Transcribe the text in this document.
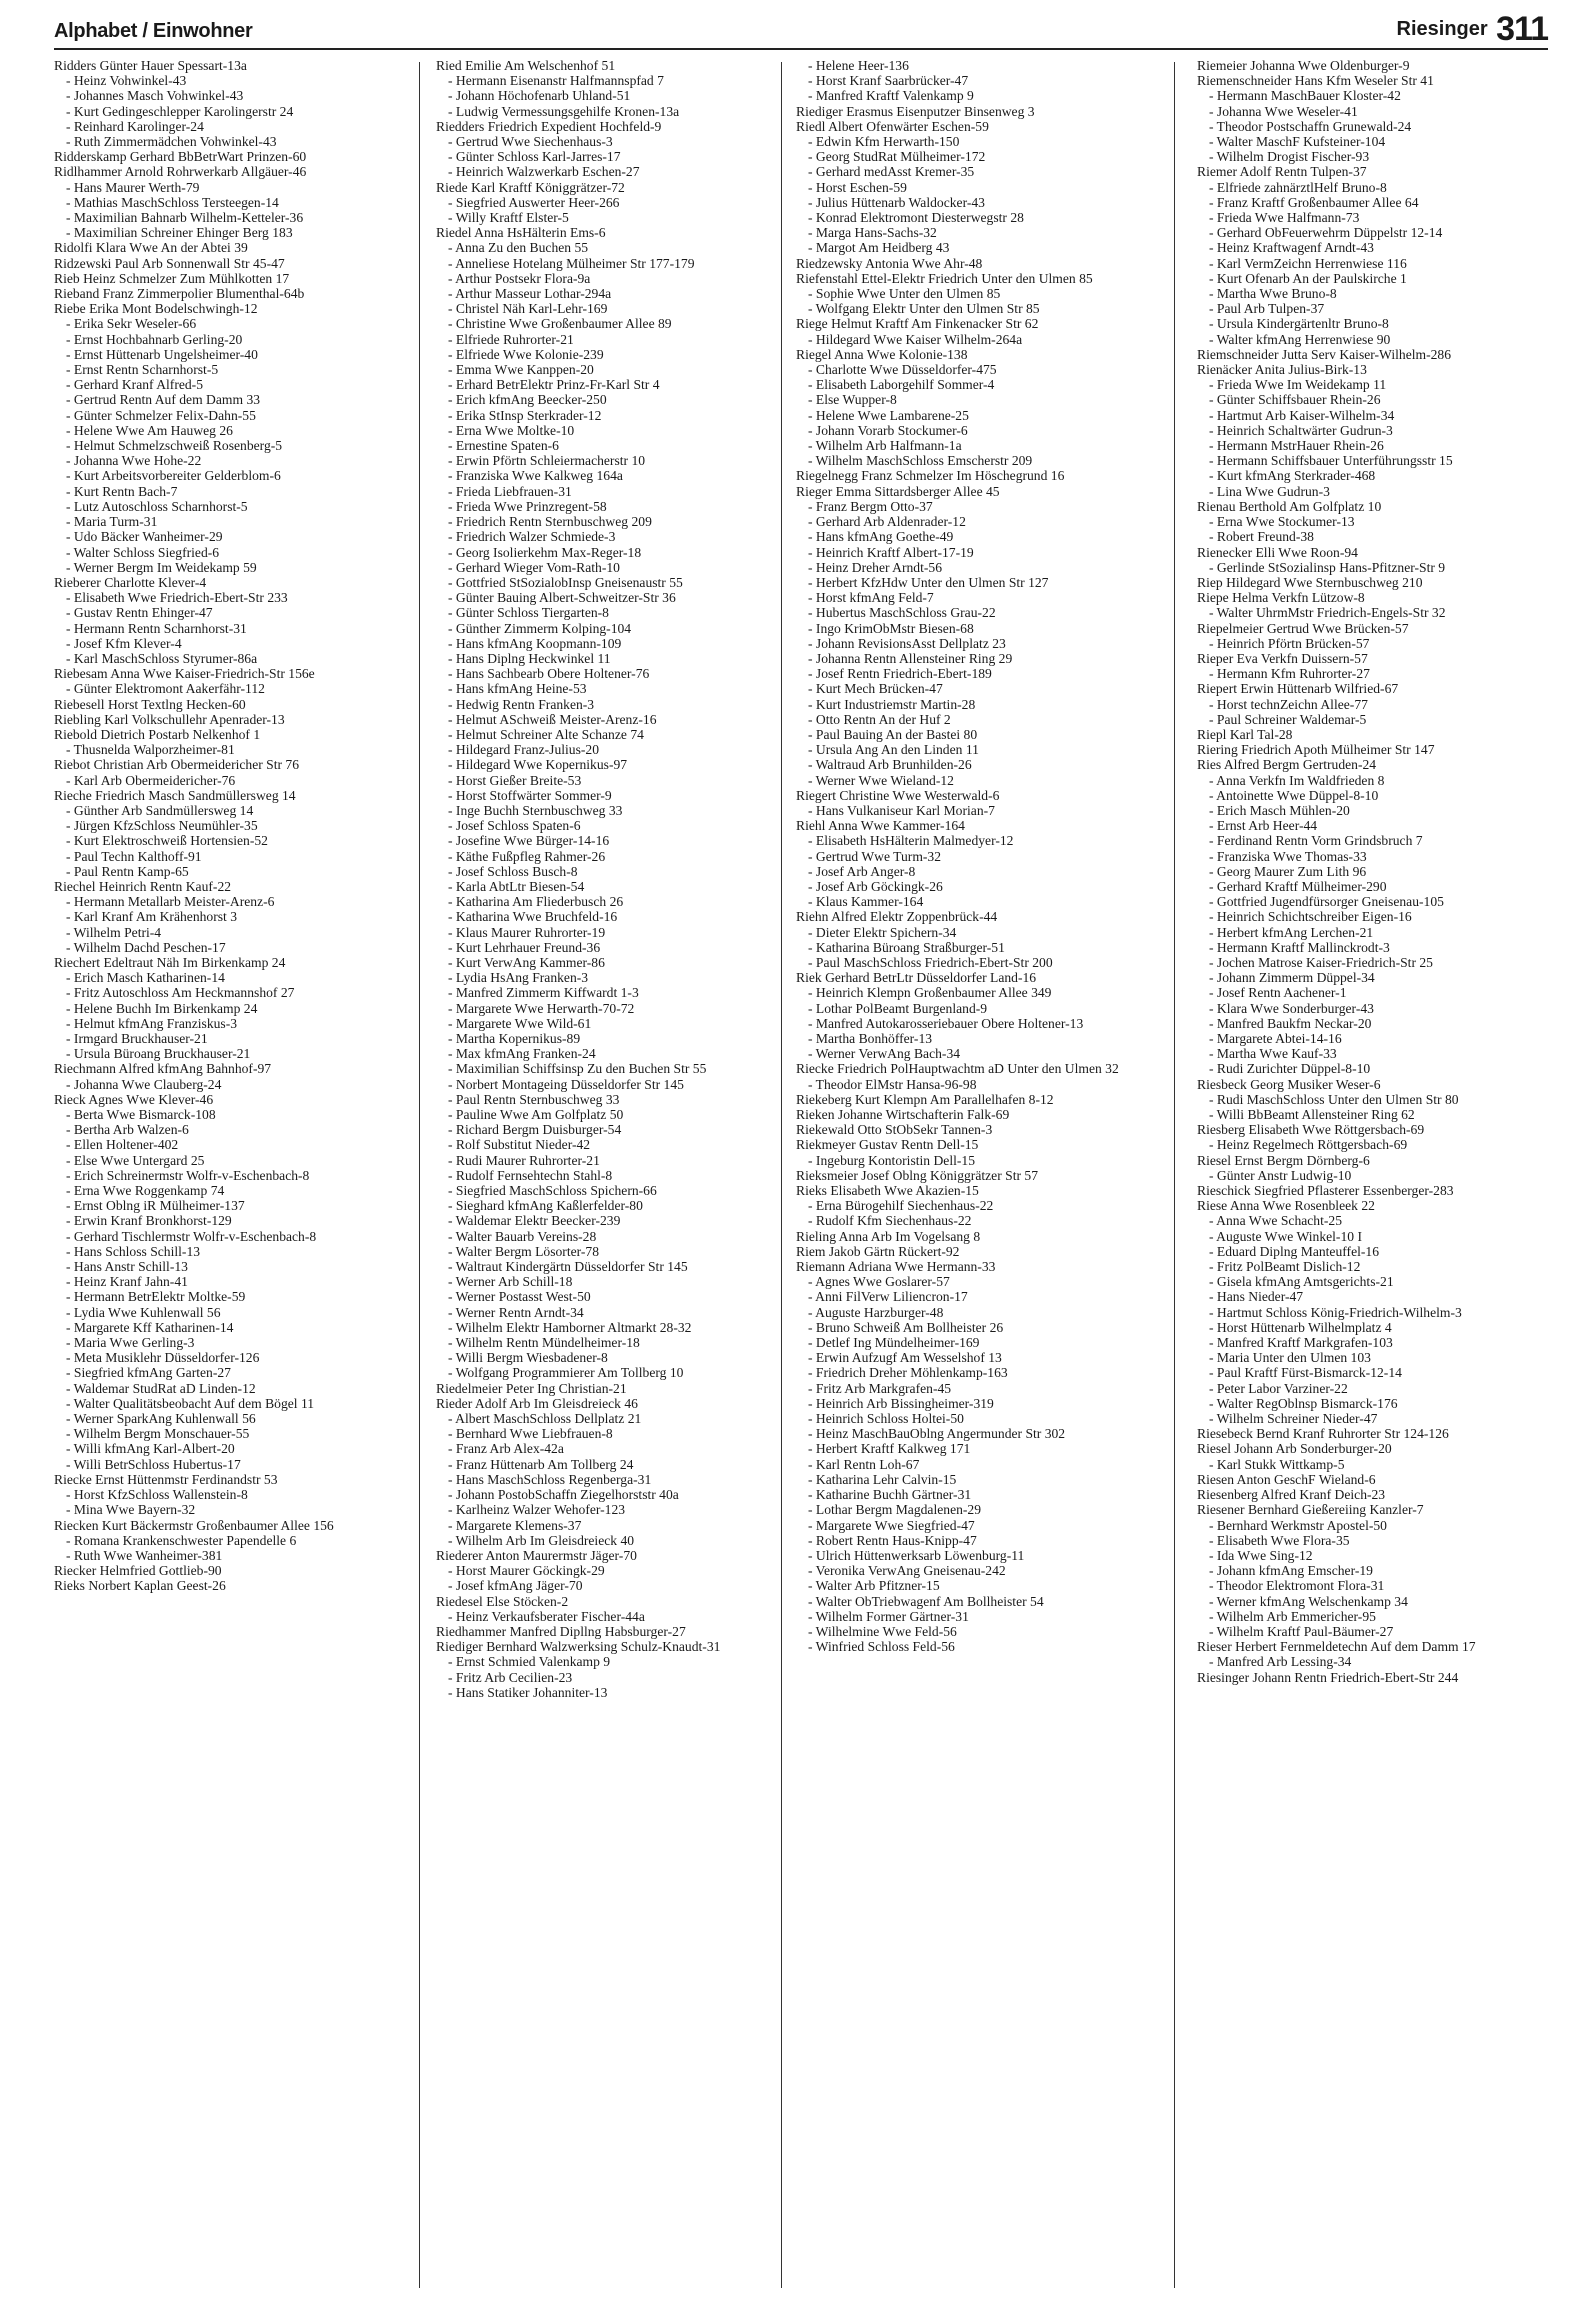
Alphabet / Einwohner	Riesinger 311
Ridders Günter Hauer Spessart-13a
- Heinz Vohwinkel-43
- Johannes Masch Vohwinkel-43
- Kurt Gedingeschlepper Karolingerstr 24
- Reinhard Karolinger-24
- Ruth Zimmermädchen Vohwinkel-43
Ridderskamp Gerhard BbBetrWart Prinzen-60
Ridlhammer Arnold Rohrwerkarb Allgäuer-46
- Hans Maurer Werth-79
- Mathias MaschSchloss Tersteegen-14
- Maximilian Bahnarb Wilhelm-Ketteler-36
- Maximilian Schreiner Ehinger Berg 183
Ridolfi Klara Wwe An der Abtei 39
Ridzewski Paul Arb Sonnenwall Str 45-47
Rieb Heinz Schmelzer Zum Mühlkotten 17
Rieband Franz Zimmerpolier Blumenthal-64b
Riebe Erika Mont Bodelschwingh-12
- Erika Sekr Weseler-66
- Ernst Hochbahnarb Gerling-20
- Ernst Hüttenarb Ungelsheimer-40
- Ernst Rentn Scharnhorst-5
- Gerhard Kranf Alfred-5
- Gertrud Rentn Auf dem Damm 33
- Günter Schmelzer Felix-Dahn-55
- Helene Wwe Am Hauweg 26
- Helmut Schmelzschweiß Rosenberg-5
- Johanna Wwe Hohe-22
- Kurt Arbeitsvorbereiter Gelderblom-6
- Kurt Rentn Bach-7
- Lutz Autoschloss Scharnhorst-5
- Maria Turm-31
- Udo Bäcker Wanheimer-29
- Walter Schloss Siegfried-6
- Werner Bergm Im Weidekamp 59
Rieberer Charlotte Klever-4
- Elisabeth Wwe Friedrich-Ebert-Str 233
- Gustav Rentn Ehinger-47
- Hermann Rentn Scharnhorst-31
- Josef Kfm Klever-4
- Karl MaschSchloss Styrumer-86a
Riebesam Anna Wwe Kaiser-Friedrich-Str 156e
- Günter Elektromont Aakerfähr-112
Riebesell Horst Textlng Hecken-60
Riebling Karl Volkschullehr Apenrader-13
Riebold Dietrich Postarb Nelkenhof 1
- Thusnelda Walporzheimer-81
Riebot Christian Arb Obermeidericher Str 76
- Karl Arb Obermeidericher-76
Rieche Friedrich Masch Sandmüllersweg 14
- Günther Arb Sandmüllersweg 14
- Jürgen KfzSchloss Neumühler-35
- Kurt Elektroschweiß Hortensien-52
- Paul Techn Kalthoff-91
- Paul Rentn Kamp-65
Riechel Heinrich Rentn Kauf-22
- Hermann Metallarb Meister-Arenz-6
- Karl Kranf Am Krähenhorst 3
- Wilhelm Petri-4
- Wilhelm Dachd Peschen-17
Riechert Edeltraut Näh Im Birkenkamp 24
- Erich Masch Katharinen-14
- Fritz Autoschloss Am Heckmannshof 27
- Helene Buchh Im Birkenkamp 24
- Helmut kfmAng Franziskus-3
- Irmgard Bruckhauser-21
- Ursula Büroang Bruckhauser-21
Riechmann Alfred kfmAng Bahnhof-97
- Johanna Wwe Clauberg-24
Rieck Agnes Wwe Klever-46
- Berta Wwe Bismarck-108
- Bertha Arb Walzen-6
- Ellen Holtener-402
- Else Wwe Untergard 25
- Erich Schreinermstr Wolfr-v-Eschenbach-8
- Erna Wwe Roggenkamp 74
- Ernst Oblng iR Mülheimer-137
- Erwin Kranf Bronkhorst-129
- Gerhard Tischlermstr Wolfr-v-Eschenbach-8
- Hans Schloss Schill-13
- Hans Anstr Schill-13
- Heinz Kranf Jahn-41
- Hermann BetrElektr Moltke-59
- Lydia Wwe Kuhlenwall 56
- Margarete Kff Katharinen-14
- Maria Wwe Gerling-3
- Meta Musiklehr Düsseldorfer-126
- Siegfried kfmAng Garten-27
- Waldemar StudRat aD Linden-12
- Walter Qualitätsbeobacht Auf dem Bögel 11
- Werner SparkAng Kuhlenwall 56
- Wilhelm Bergm Monschauer-55
- Willi kfmAng Karl-Albert-20
- Willi BetrSchloss Hubertus-17
Riecke Ernst Hüttenmstr Ferdinandstr 53
- Horst KfzSchloss Wallenstein-8
- Mina Wwe Bayern-32
Riecken Kurt Bäckermstr Großenbaumer Allee 156
- Romana Krankenschwester Papendelle 6
- Ruth Wwe Wanheimer-381
Riecker Helmfried Gottlieb-90
Rieks Norbert Kaplan Geest-26
Ried Emilie Am Welschenhof 51
- Hermann Eisenanstr Halfmannspfad 7
- Johann Höchofenarb Uhland-51
- Ludwig Vermessungsgehilfe Kronen-13a
Riedders Friedrich Expedient Hochfeld-9
- Gertrud Wwe Siechenhaus-3
- Günter Schloss Karl-Jarres-17
- Heinrich Walzwerkarb Eschen-27
Riede Karl Kraftf Königgrätzer-72
- Siegfried Auswerter Heer-266
- Willy Kraftf Elster-5
Riedel Anna HsHälterin Ems-6
- Anna Zu den Buchen 55
- Anneliese Hotelang Mülheimer Str 177-179
- Arthur Postsekr Flora-9a
- Arthur Masseur Lothar-294a
- Christel Näh Karl-Lehr-169
- Christine Wwe Großenbaumer Allee 89
- Elfriede Ruhrorter-21
- Elfriede Wwe Kolonie-239
- Emma Wwe Kanppen-20
- Erhard BetrElektr Prinz-Fr-Karl Str 4
- Erich kfmAng Beecker-250
- Erika StInsp Sterkrader-12
- Erna Wwe Moltke-10
- Ernestine Spaten-6
- Erwin Pförtn Schleiermacherstr 10
- Franziska Wwe Kalkweg 164a
- Frieda Liebfrauen-31
- Frieda Wwe Prinzregent-58
- Friedrich Rentn Sternbuschweg 209
- Friedrich Walzer Schmiede-3
- Georg Isolierkehm Max-Reger-18
- Gerhard Wieger Vom-Rath-10
- Gottfried StSozialobInsp Gneisenaustr 55
- Günter Bauing Albert-Schweitzer-Str 36
- Günter Schloss Tiergarten-8
- Günther Zimmerm Kolping-104
- Hans kfmAng Koopmann-109
- Hans Diplng Heckwinkel 11
- Hans Sachbearb Obere Holtener-76
- Hans kfmAng Heine-53
- Hedwig Rentn Franken-3
- Helmut ASchweiß Meister-Arenz-16
- Helmut Schreiner Alte Schanze 74
- Hildegard Franz-Julius-20
- Hildegard Wwe Kopernikus-97
- Horst Gießer Breite-53
- Horst Stoffwärter Sommer-9
- Inge Buchh Sternbuschweg 33
- Josef Schloss Spaten-6
- Josefine Wwe Bürger-14-16
- Käthe Fußpfleg Rahmer-26
- Josef Schloss Busch-8
- Karla AbtLtr Biesen-54
- Katharina Am Fliederbusch 26
- Katharina Wwe Bruchfeld-16
- Klaus Maurer Ruhrorter-19
- Kurt Lehrhauer Freund-36
- Kurt VerwAng Kammer-86
- Lydia HsAng Franken-3
- Manfred Zimmerm Kiffwardt 1-3
- Margarete Wwe Herwarth-70-72
- Margarete Wwe Wild-61
- Martha Kopernikus-89
- Max kfmAng Franken-24
- Maximilian Schiffsinsp Zu den Buchen Str 55
- Norbert Montageing Düsseldorfer Str 145
- Paul Rentn Sternbuschweg 33
- Pauline Wwe Am Golfplatz 50
- Richard Bergm Duisburger-54
- Rolf Substitut Nieder-42
- Rudi Maurer Ruhrorter-21
- Rudolf Fernsehtechn Stahl-8
- Siegfried MaschSchloss Spichern-66
- Sieghard kfmAng Kaßlerfelder-80
- Waldemar Elektr Beecker-239
- Walter Bauarb Vereins-28
- Walter Bergm Lösorter-78
- Waltraut Kindergärtn Düsseldorfer Str 145
- Werner Arb Schill-18
- Werner Postasst West-50
- Werner Rentn Arndt-34
- Wilhelm Elektr Hamborner Altmarkt 28-32
- Wilhelm Rentn Mündelheimer-18
- Willi Bergm Wiesbadener-8
- Wolfgang Programmierer Am Tollberg 10
Riedelmeier Peter Ing Christian-21
Rieder Adolf Arb Im Gleisdreieck 46
- Albert MaschSchloss Dellplatz 21
- Bernhard Wwe Liebfrauen-8
- Franz Arb Alex-42a
- Franz Hüttenarb Am Tollberg 24
- Hans MaschSchloss Regenberga-31
- Johann PostobSchaffn Ziegelhorststr 40a
- Karlheinz Walzer Wehofer-123
- Margarete Klemens-37
- Wilhelm Arb Im Gleisdreieck 40
Riederer Anton Maurermstr Jäger-70
- Horst Maurer Göckingk-29
- Josef kfmAng Jäger-70
Riedesel Else Stöcken-2
- Heinz Verkaufsberater Fischer-44a
Riedhammer Manfred Dipllng Habsburger-27
Riediger Bernhard Walzwerksing Schulz-Knaudt-31
- Ernst Schmied Valenkamp 9
- Fritz Arb Cecilien-23
- Hans Statiker Johanniter-13
- Helene Heer-136
- Horst Kranf Saarbrücker-47
- Manfred Kraftf Valenkamp 9
Riediger Erasmus Eisenputzer Binsenweg 3
Riedl Albert Ofenwärter Eschen-59
- Edwin Kfm Herwarth-150
- Georg StudRat Mülheimer-172
- Gerhard medAsst Kremer-35
- Horst Eschen-59
- Julius Hüttenarb Waldocker-43
- Konrad Elektromont Diesterwegstr 28
- Marga Hans-Sachs-32
- Margot Am Heidberg 43
Riedzewsky Antonia Wwe Ahr-48
Riefenstahl Ettel-Elektr Friedrich Unter den Ulmen 85
- Sophie Wwe Unter den Ulmen 85
- Wolfgang Elektr Unter den Ulmen Str 85
Riege Helmut Kraftf Am Finkenacker Str 62
- Hildegard Wwe Kaiser Wilhelm-264a
Riegel Anna Wwe Kolonie-138
- Charlotte Wwe Düsseldorfer-475
- Elisabeth Laborgehilf Sommer-4
- Else Wupper-8
- Helene Wwe Lambarene-25
- Johann Vorarb Stockumer-6
- Wilhelm Arb Halfmann-1a
- Wilhelm MaschSchloss Emscherstr 209
Riegelnegg Franz Schmelzer Im Höschegrund 16
Rieger Emma Sittardsberger Allee 45
- Franz Bergm Otto-37
- Gerhard Arb Aldenrader-12
- Hans kfmAng Goethe-49
- Heinrich Kraftf Albert-17-19
- Heinz Dreher Arndt-56
- Herbert KfzHdw Unter den Ulmen Str 127
- Horst kfmAng Feld-7
- Hubertus MaschSchloss Grau-22
- Ingo KrimObMstr Biesen-68
- Johann RevisionsAsst Dellplatz 23
- Johanna Rentn Allensteiner Ring 29
- Josef Rentn Friedrich-Ebert-189
- Kurt Mech Brücken-47
- Kurt Industriemstr Martin-28
- Otto Rentn An der Huf 2
- Paul Bauing An der Bastei 80
- Ursula Ang An den Linden 11
- Waltraud Arb Brunhilden-26
- Werner Wwe Wieland-12
Riegert Christine Wwe Westerwald-6
- Hans Vulkaniseur Karl Morian-7
Riehl Anna Wwe Kammer-164
- Elisabeth HsHälterin Malmedyer-12
- Gertrud Wwe Turm-32
- Josef Arb Anger-8
- Josef Arb Göckingk-26
- Klaus Kammer-164
Riehn Alfred Elektr Zoppenbrück-44
- Dieter Elektr Spichern-34
- Katharina Büroang Straßburger-51
- Paul MaschSchloss Friedrich-Ebert-Str 200
Riek Gerhard BetrLtr Düsseldorfer Land-16
- Heinrich Klempn Großenbaumer Allee 349
- Lothar PolBeamt Burgenland-9
- Manfred Autokarosseriebauer Obere Holtener-13
- Martha Bonhöffer-13
- Werner VerwAng Bach-34
Riecke Friedrich PolHauptwachtm aD Unter den Ulmen 32
- Theodor ElMstr Hansa-96-98
Riekeberg Kurt Klempn Am Parallelhafen 8-12
Rieken Johanne Wirtschafterin Falk-69
Riekewald Otto StObSekr Tannen-3
Riekmeyer Gustav Rentn Dell-15
- Ingeburg Kontoristin Dell-15
Rieksmeier Josef Oblng Königgrätzer Str 57
Rieks Elisabeth Wwe Akazien-15
- Erna Bürogehilf Siechenhaus-22
- Rudolf Kfm Siechenhaus-22
Rieling Anna Arb Im Vogelsang 8
Riem Jakob Gärtn Rückert-92
Riemann Adriana Wwe Hermann-33
- Agnes Wwe Goslarer-57
- Anni FilVerw Liliencron-17
- Auguste Harzburger-48
- Bruno Schweiß Am Bollheister 26
- Detlef Ing Mündelheimer-169
- Erwin Aufzugf Am Wesselshof 13
- Friedrich Dreher Möhlenkamp-163
- Fritz Arb Markgrafen-45
- Heinrich Arb Bissingheimer-319
- Heinrich Schloss Holtei-50
- Heinz MaschBauOblng Angermunder Str 302
- Herbert Kraftf Kalkweg 171
- Karl Rentn Loh-67
- Katharina Lehr Calvin-15
- Katharine Buchh Gärtner-31
- Lothar Bergm Magdalenen-29
- Margarete Wwe Siegfried-47
- Robert Rentn Haus-Knipp-47
- Ulrich Hüttenwerksarb Löwenburg-11
- Veronika VerwAng Gneisenau-242
- Walter Arb Pfitzner-15
- Walter ObTriebwagenf Am Bollheister 54
- Wilhelm Former Gärtner-31
- Wilhelmine Wwe Feld-56
- Winfried Schloss Feld-56
Riemeier Johanna Wwe Oldenburger-9
Riemenschneider Hans Kfm Weseler Str 41
- Hermann MaschBauer Kloster-42
- Johanna Wwe Weseler-41
- Theodor Postschaffn Grunewald-24
- Walter MaschF Kufsteiner-104
- Wilhelm Drogist Fischer-93
Riemer Adolf Rentn Tulpen-37
- Elfriede zahnärztlHelf Bruno-8
- Franz Kraftf Großenbaumer Allee 64
- Frieda Wwe Halfmann-73
- Gerhard ObFeuerwehrm Düppelstr 12-14
- Heinz Kraftwagenf Arndt-43
- Karl VermZeichn Herrenwiese 116
- Kurt Ofenarb An der Paulskirche 1
- Martha Wwe Bruno-8
- Paul Arb Tulpen-37
- Ursula Kindergärtenltr Bruno-8
- Walter kfmAng Herrenwiese 90
Riemschneider Jutta Serv Kaiser-Wilhelm-286
Rienäcker Anita Julius-Birk-13
- Frieda Wwe Im Weidekamp 11
- Günter Schiffsbauer Rhein-26
- Hartmut Arb Kaiser-Wilhelm-34
- Heinrich Schaltwärter Gudrun-3
- Hermann MstrHauer Rhein-26
- Hermann Schiffsbauer Unterführungsstr 15
- Kurt kfmAng Sterkrader-468
- Lina Wwe Gudrun-3
Rienau Berthold Am Golfplatz 10
- Erna Wwe Stockumer-13
- Robert Freund-38
Rienecker Elli Wwe Roon-94
- Gerlinde StSozialinsp Hans-Pfitzner-Str 9
Riep Hildegard Wwe Sternbuschweg 210
Riepe Helma Verkfn Lützow-8
- Walter UhrmMstr Friedrich-Engels-Str 32
Riepelmeier Gertrud Wwe Brücken-57
- Heinrich Pförtn Brücken-57
Rieper Eva Verkfn Duissern-57
- Hermann Kfm Ruhrorter-27
Riepert Erwin Hüttenarb Wilfried-67
- Horst technZeichn Allee-77
- Paul Schreiner Waldemar-5
Riepl Karl Tal-28
Riering Friedrich Apoth Mülheimer Str 147
Ries Alfred Bergm Gertruden-24
- Anna Verkfn Im Waldfrieden 8
- Antoinette Wwe Düppel-8-10
- Erich Masch Mühlen-20
- Ernst Arb Heer-44
- Ferdinand Rentn Vorm Grindsbruch 7
- Franziska Wwe Thomas-33
- Georg Maurer Zum Lith 96
- Gerhard Kraftf Mülheimer-290
- Gottfried Jugendfürsorger Gneisenau-105
- Heinrich Schichtschreiber Eigen-16
- Herbert kfmAng Lerchen-21
- Hermann Kraftf Mallinckrodt-3
- Jochen Matrose Kaiser-Friedrich-Str 25
- Johann Zimmerm Düppel-34
- Josef Rentn Aachener-1
- Klara Wwe Sonderburger-43
- Manfred Baukfm Neckar-20
- Margarete Abtei-14-16
- Martha Wwe Kauf-33
- Rudi Zurichter Düppel-8-10
Riesbeck Georg Musiker Weser-6
- Rudi MaschSchloss Unter den Ulmen Str 80
- Willi BbBeamt Allensteiner Ring 62
Riesberg Elisabeth Wwe Röttgersbach-69
- Heinz Regelmech Röttgersbach-69
Riesel Ernst Bergm Dörnberg-6
- Günter Anstr Ludwig-10
Rieschick Siegfried Pflasterer Essenberger-283
Riese Anna Wwe Rosenbleek 22
- Anna Wwe Schacht-25
- Auguste Wwe Winkel-10 I
- Eduard Diplng Manteuffel-16
- Fritz PolBeamt Dislich-12
- Gisela kfmAng Amtsgerichts-21
- Hans Nieder-47
- Hartmut Schloss König-Friedrich-Wilhelm-3
- Horst Hüttenarb Wilhelmplatz 4
- Manfred Kraftf Markgrafen-103
- Maria Unter den Ulmen 103
- Paul Kraftf Fürst-Bismarck-12-14
- Peter Labor Varziner-22
- Walter RegOblnsp Bismarck-176
- Wilhelm Schreiner Nieder-47
Riesebeck Bernd Kranf Ruhrorter Str 124-126
Riesel Johann Arb Sonderburger-20
- Karl Stukk Wittkamp-5
Riesen Anton GeschF Wieland-6
Riesenberg Alfred Kranf Deich-23
Riesener Bernhard Gießereiing Kanzler-7
- Bernhard Werkmstr Apostel-50
- Elisabeth Wwe Flora-35
- Ida Wwe Sing-12
- Johann kfmAng Emscher-19
- Theodor Elektromont Flora-31
- Werner kfmAng Welschenkamp 34
- Wilhelm Arb Emmericher-95
- Wilhelm Kraftf Paul-Bäumer-27
Rieser Herbert Fernmeldetechn Auf dem Damm 17
- Manfred Arb Lessing-34
Riesinger Johann Rentn Friedrich-Ebert-Str 244
